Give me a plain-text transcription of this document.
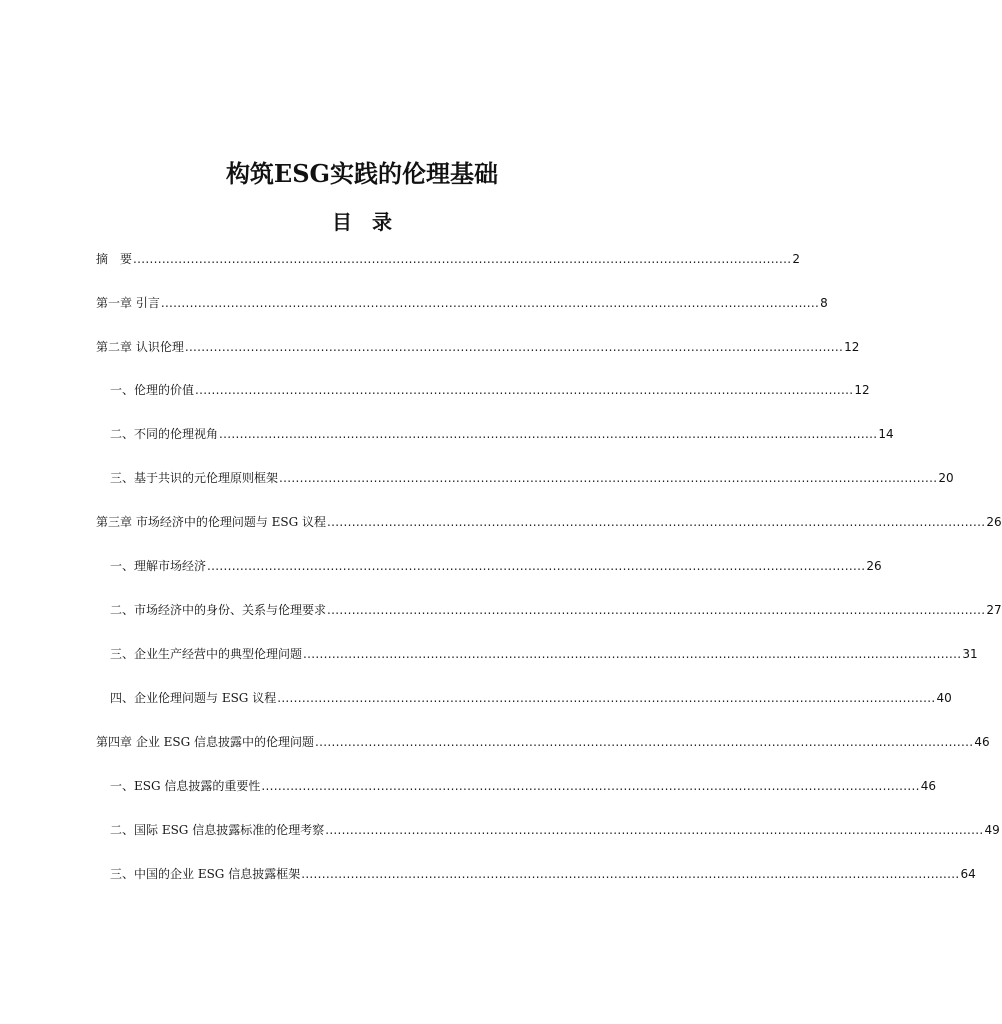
构筑ESG实践的伦理基础
目　录
摘　要 ................................................................................................................................................................ 2
第一章 引言 ................................................................................................................................................................ 8
第二章 认识伦理 ................................................................................................................................................................ 12
一、伦理的价值 ................................................................................................................................................................ 12
二、不同的伦理视角 ................................................................................................................................................................ 14
三、基于共识的元伦理原则框架 ................................................................................................................................................................ 20
第三章 市场经济中的伦理问题与 ESG 议程 ................................................................................................................................................................ 26
一、理解市场经济 ................................................................................................................................................................ 26
二、市场经济中的身份、关系与伦理要求 ................................................................................................................................................................ 27
三、企业生产经营中的典型伦理问题 ................................................................................................................................................................ 31
四、企业伦理问题与 ESG 议程 ................................................................................................................................................................ 40
第四章 企业 ESG 信息披露中的伦理问题 ................................................................................................................................................................ 46
一、ESG 信息披露的重要性 ................................................................................................................................................................ 46
二、国际 ESG 信息披露标准的伦理考察 ................................................................................................................................................................ 49
三、中国的企业 ESG 信息披露框架 ................................................................................................................................................................ 64
